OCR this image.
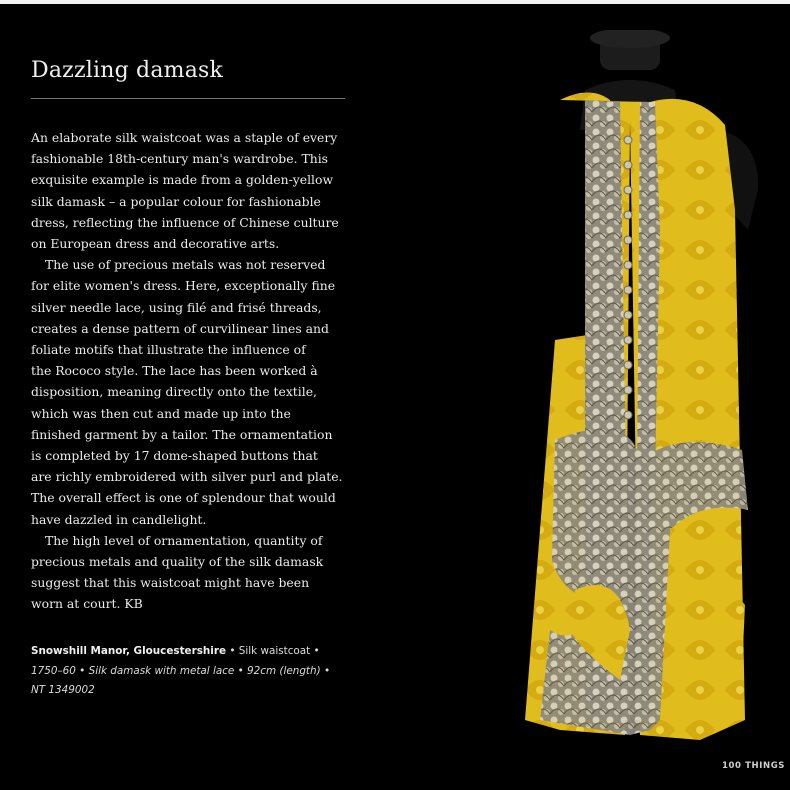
Dazzling damask
An elaborate silk waistcoat was a staple of every
fashionable 18th-century man's wardrobe. This
exquisite example is made from a golden-yellow
silk damask – a popular colour for fashionable
dress, reflecting the influence of Chinese culture
on European dress and decorative arts.
The use of precious metals was not reserved
for elite women's dress. Here, exceptionally fine
silver needle lace, using filé and frisé threads,
creates a dense pattern of curvilinear lines and
foliate motifs that illustrate the influence of
the Rococo style. The lace has been worked à
disposition, meaning directly onto the textile,
which was then cut and made up into the
finished garment by a tailor. The ornamentation
is completed by 17 dome-shaped buttons that
are richly embroidered with silver purl and plate.
The overall effect is one of splendour that would
have dazzled in candlelight.
The high level of ornamentation, quantity of
precious metals and quality of the silk damask
suggest that this waistcoat might have been
worn at court. KB
Snowshill Manor, Gloucestershire • Silk waistcoat •
1750–60 • Silk damask with metal lace • 92cm (length) •
NT 1349002
100 THINGS
